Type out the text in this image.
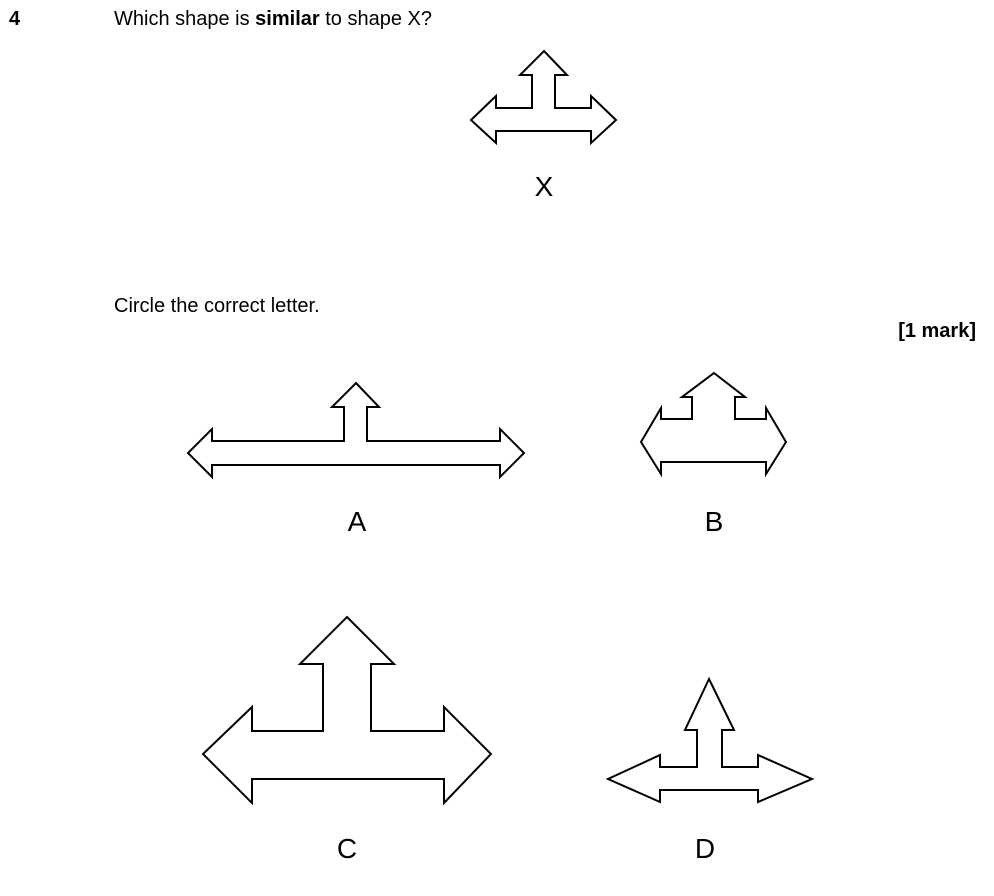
4	Which shape is similar to shape X?
X
Circle the correct letter.
[1 mark]
A	B
C	D
